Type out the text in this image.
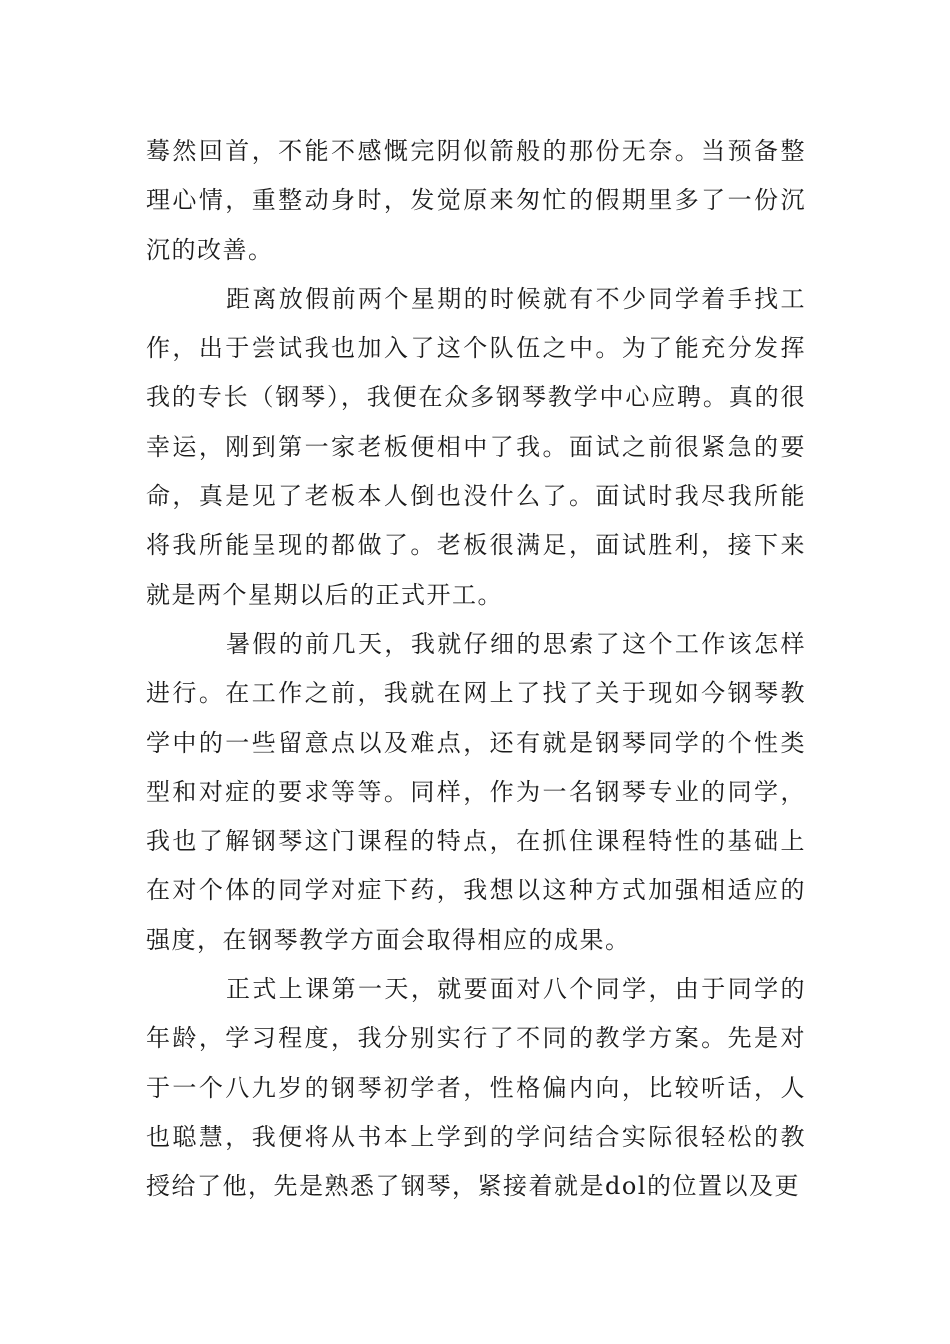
蓦然回首，不能不感慨完阴似箭般的那份无奈。当预备整理心情，重整动身时，发觉原来匆忙的假期里多了一份沉沉的改善。

距离放假前两个星期的时候就有不少同学着手找工作，出于尝试我也加入了这个队伍之中。为了能充分发挥我的专长（钢琴），我便在众多钢琴教学中心应聘。真的很幸运，刚到第一家老板便相中了我。面试之前很紧急的要命，真是见了老板本人倒也没什么了。面试时我尽我所能将我所能呈现的都做了。老板很满足，面试胜利，接下来就是两个星期以后的正式开工。

暑假的前几天，我就仔细的思索了这个工作该怎样进行。在工作之前，我就在网上了找了关于现如今钢琴教学中的一些留意点以及难点，还有就是钢琴同学的个性类型和对症的要求等等。同样，作为一名钢琴专业的同学，我也了解钢琴这门课程的特点，在抓住课程特性的基础上在对个体的同学对症下药，我想以这种方式加强相适应的强度，在钢琴教学方面会取得相应的成果。

正式上课第一天，就要面对八个同学，由于同学的年龄，学习程度，我分别实行了不同的教学方案。先是对于一个八九岁的钢琴初学者，性格偏内向，比较听话，人也聪慧，我便将从书本上学到的学问结合实际很轻松的教授给了他，先是熟悉了钢琴，紧接着就是dol的位置以及更
